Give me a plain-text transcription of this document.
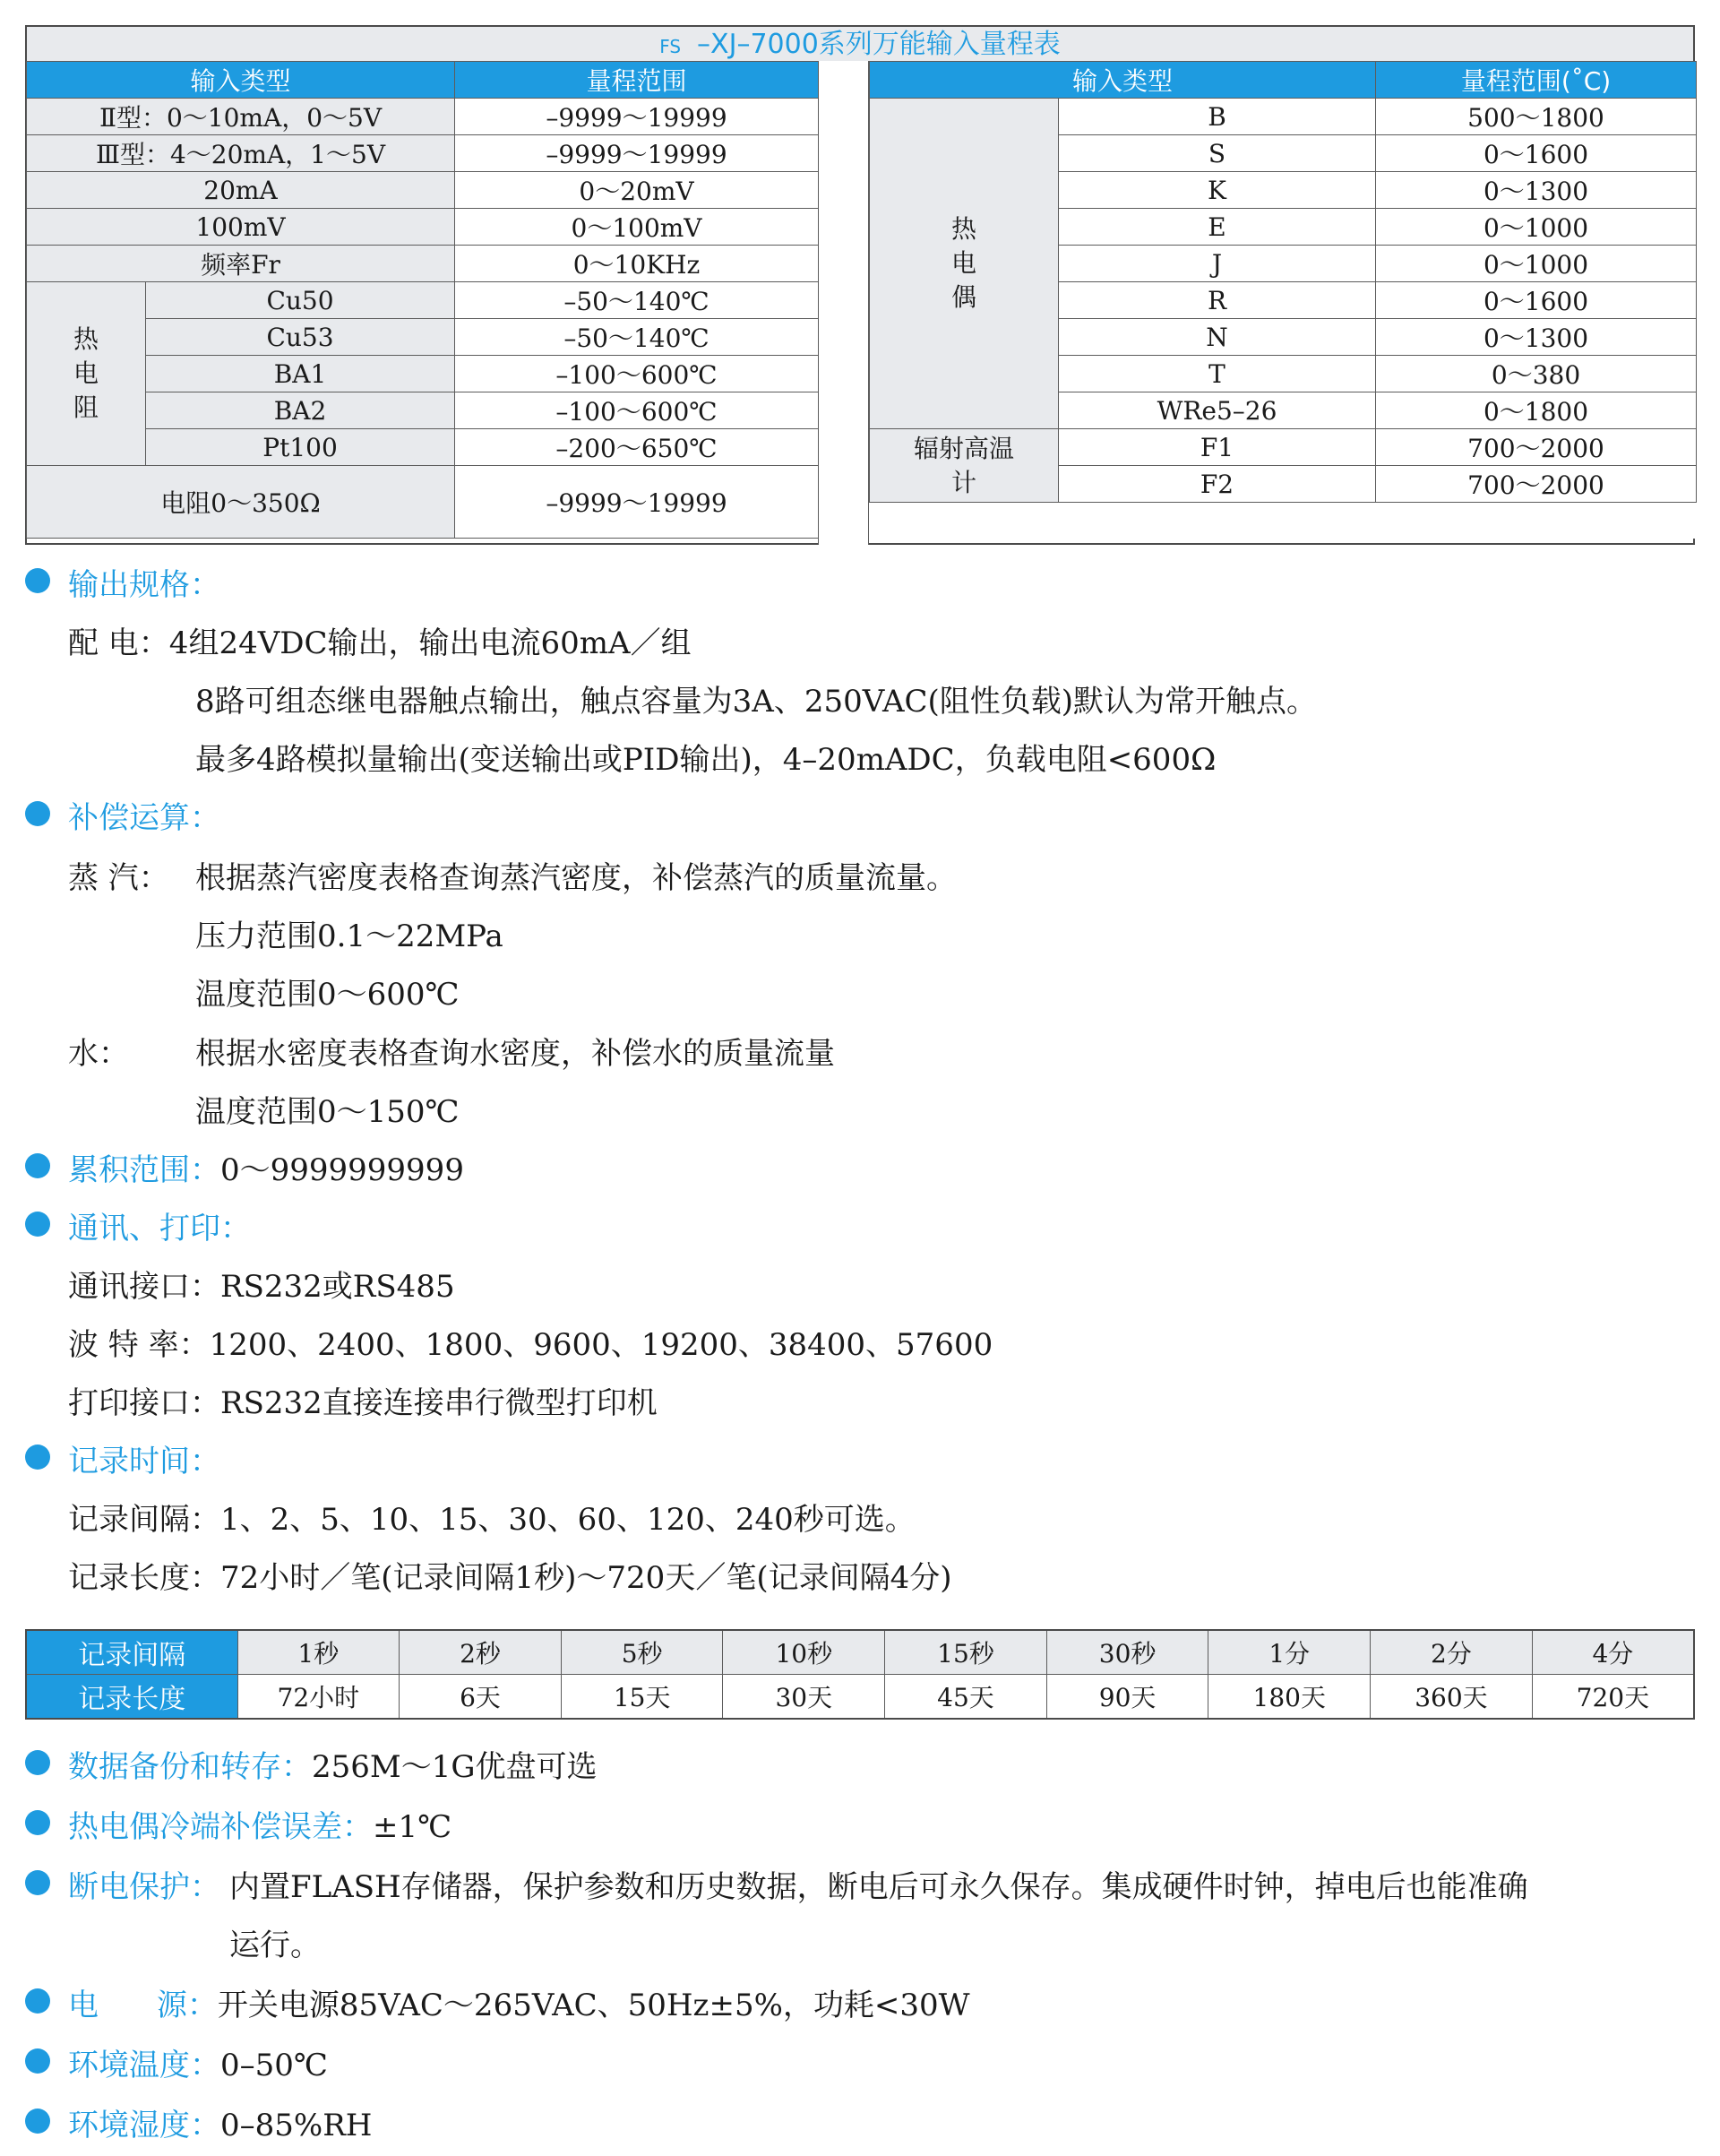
FS –XJ–7000系列万能输入量程表
输入类型		量程范围
Ⅱ型：0～10mA，0～5V		–9999～19999
Ⅲ型：4～20mA，1～5V		–9999～19999
20mA		0～20mV
100mV		0～100mV
频率Fr		0～10KHz
热电阻	Cu50	–50～140℃
	Cu53	–50～140℃
	BA1	–100～600℃
	BA2	–100～600℃
	Pt100	–200～650℃
电阻0～350Ω		–9999～19999
输入类型		量程范围(˚C)
热电偶	B	500～1800
	S	0～1600
	K	0～1300
	E	0～1000
	J	0～1000
	R	0～1600
	N	0～1300
	T	0～380
	WRe5–26	0～1800
辐射高温计	F1	700～2000
	F2	700～2000

输出规格：
配 电：4组24VDC输出，输出电流60mA／组
8路可组态继电器触点输出，触点容量为3A、250VAC(阻性负载)默认为常开触点。
最多4路模拟量输出(变送输出或PID输出)，4–20mADC，负载电阻<600Ω
补偿运算：
蒸 汽： 根据蒸汽密度表格查询蒸汽密度，补偿蒸汽的质量流量。
压力范围0.1～22MPa
温度范围0～600℃
水： 根据水密度表格查询水密度，补偿水的质量流量
温度范围0～150℃
累积范围：0～9999999999
通讯、打印：
通讯接口：RS232或RS485
波 特 率：1200、2400、1800、9600、19200、38400、57600
打印接口：RS232直接连接串行微型打印机
记录时间：
记录间隔：1、2、5、10、15、30、60、120、240秒可选。
记录长度：72小时／笔(记录间隔1秒)～720天／笔(记录间隔4分)
记录间隔	1秒	2秒	5秒	10秒	15秒	30秒	1分	2分	4分
记录长度	72小时	6天	15天	30天	45天	90天	180天	360天	720天
数据备份和转存：256M～1G优盘可选
热电偶冷端补偿误差：±1℃
断电保护： 内置FLASH存储器，保护参数和历史数据，断电后可永久保存。集成硬件时钟，掉电后也能准确
运行。
电      源：开关电源85VAC～265VAC、50Hz±5%，功耗<30W
环境温度：0–50℃
环境湿度：0–85%RH
